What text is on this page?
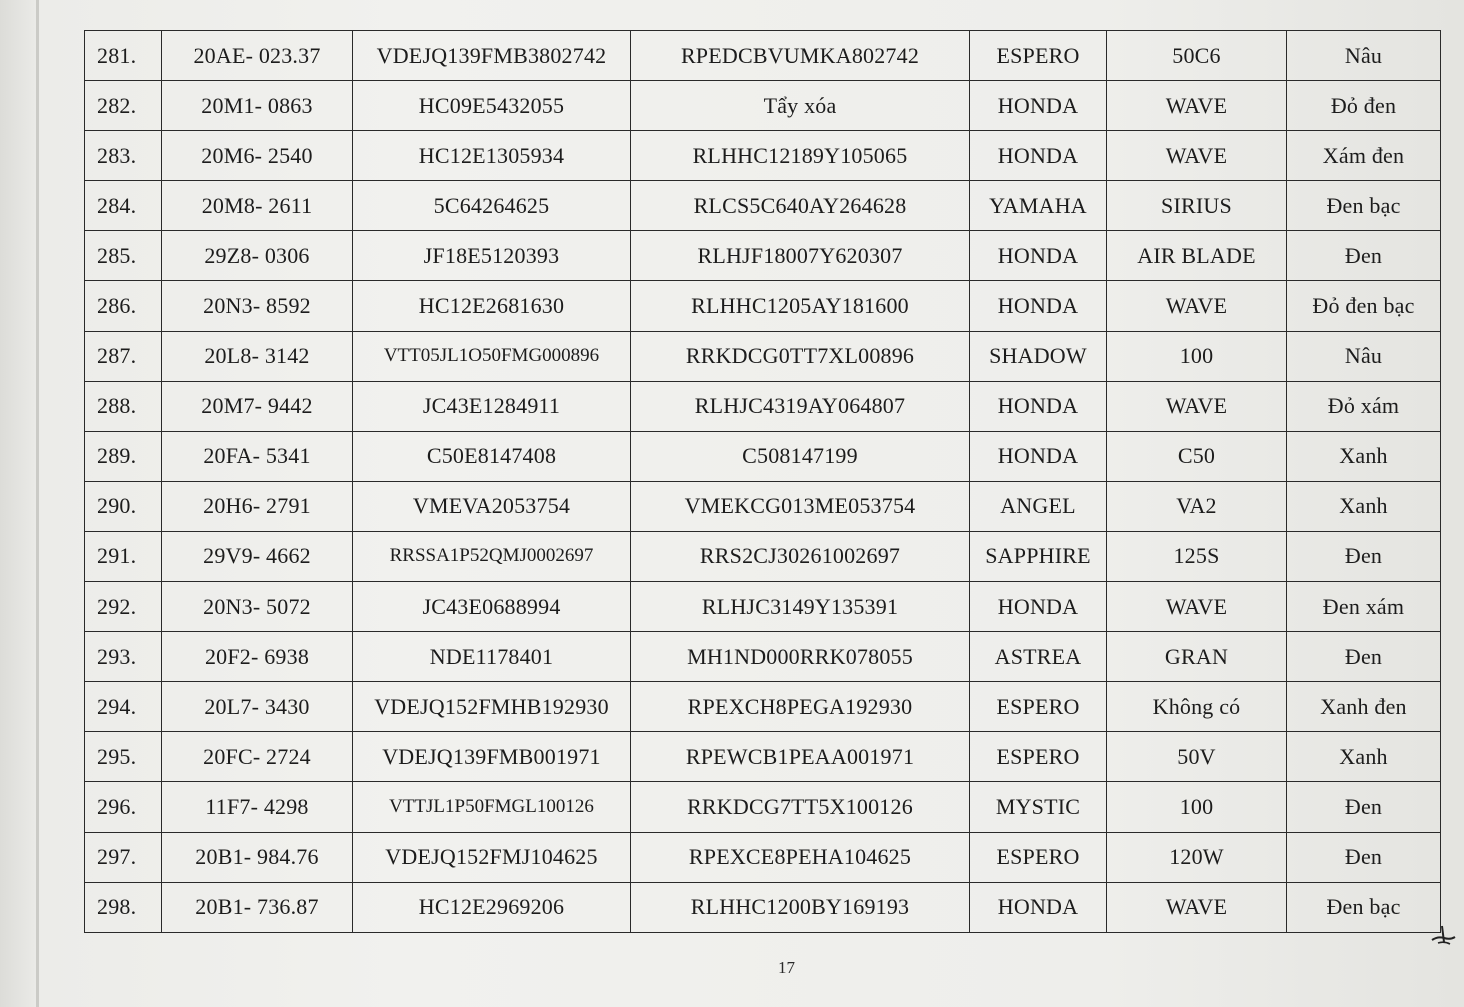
281.	20AE- 023.37	VDEJQ139FMB3802742	RPEDCBVUMKA802742	ESPERO	50C6	Nâu
282.	20M1- 0863	HC09E5432055	Tẩy xóa	HONDA	WAVE	Đỏ đen
283.	20M6- 2540	HC12E1305934	RLHHC12189Y105065	HONDA	WAVE	Xám đen
284.	20M8- 2611	5C64264625	RLCS5C640AY264628	YAMAHA	SIRIUS	Đen bạc
285.	29Z8- 0306	JF18E5120393	RLHJF18007Y620307	HONDA	AIR BLADE	Đen
286.	20N3- 8592	HC12E2681630	RLHHC1205AY181600	HONDA	WAVE	Đỏ đen bạc
287.	20L8- 3142	VTT05JL1O50FMG000896	RRKDCG0TT7XL00896	SHADOW	100	Nâu
288.	20M7- 9442	JC43E1284911	RLHJC4319AY064807	HONDA	WAVE	Đỏ xám
289.	20FA- 5341	C50E8147408	C508147199	HONDA	C50	Xanh
290.	20H6- 2791	VMEVA2053754	VMEKCG013ME053754	ANGEL	VA2	Xanh
291.	29V9- 4662	RRSSA1P52QMJ0002697	RRS2CJ30261002697	SAPPHIRE	125S	Đen
292.	20N3- 5072	JC43E0688994	RLHJC3149Y135391	HONDA	WAVE	Đen xám
293.	20F2- 6938	NDE1178401	MH1ND000RRK078055	ASTREA	GRAN	Đen
294.	20L7- 3430	VDEJQ152FMHB192930	RPEXCH8PEGA192930	ESPERO	Không có	Xanh đen
295.	20FC- 2724	VDEJQ139FMB001971	RPEWCB1PEAA001971	ESPERO	50V	Xanh
296.	11F7- 4298	VTTJL1P50FMGL100126	RRKDCG7TT5X100126	MYSTIC	100	Đen
297.	20B1- 984.76	VDEJQ152FMJ104625	RPEXCE8PEHA104625	ESPERO	120W	Đen
298.	20B1- 736.87	HC12E2969206	RLHHC1200BY169193	HONDA	WAVE	Đen bạc
17
